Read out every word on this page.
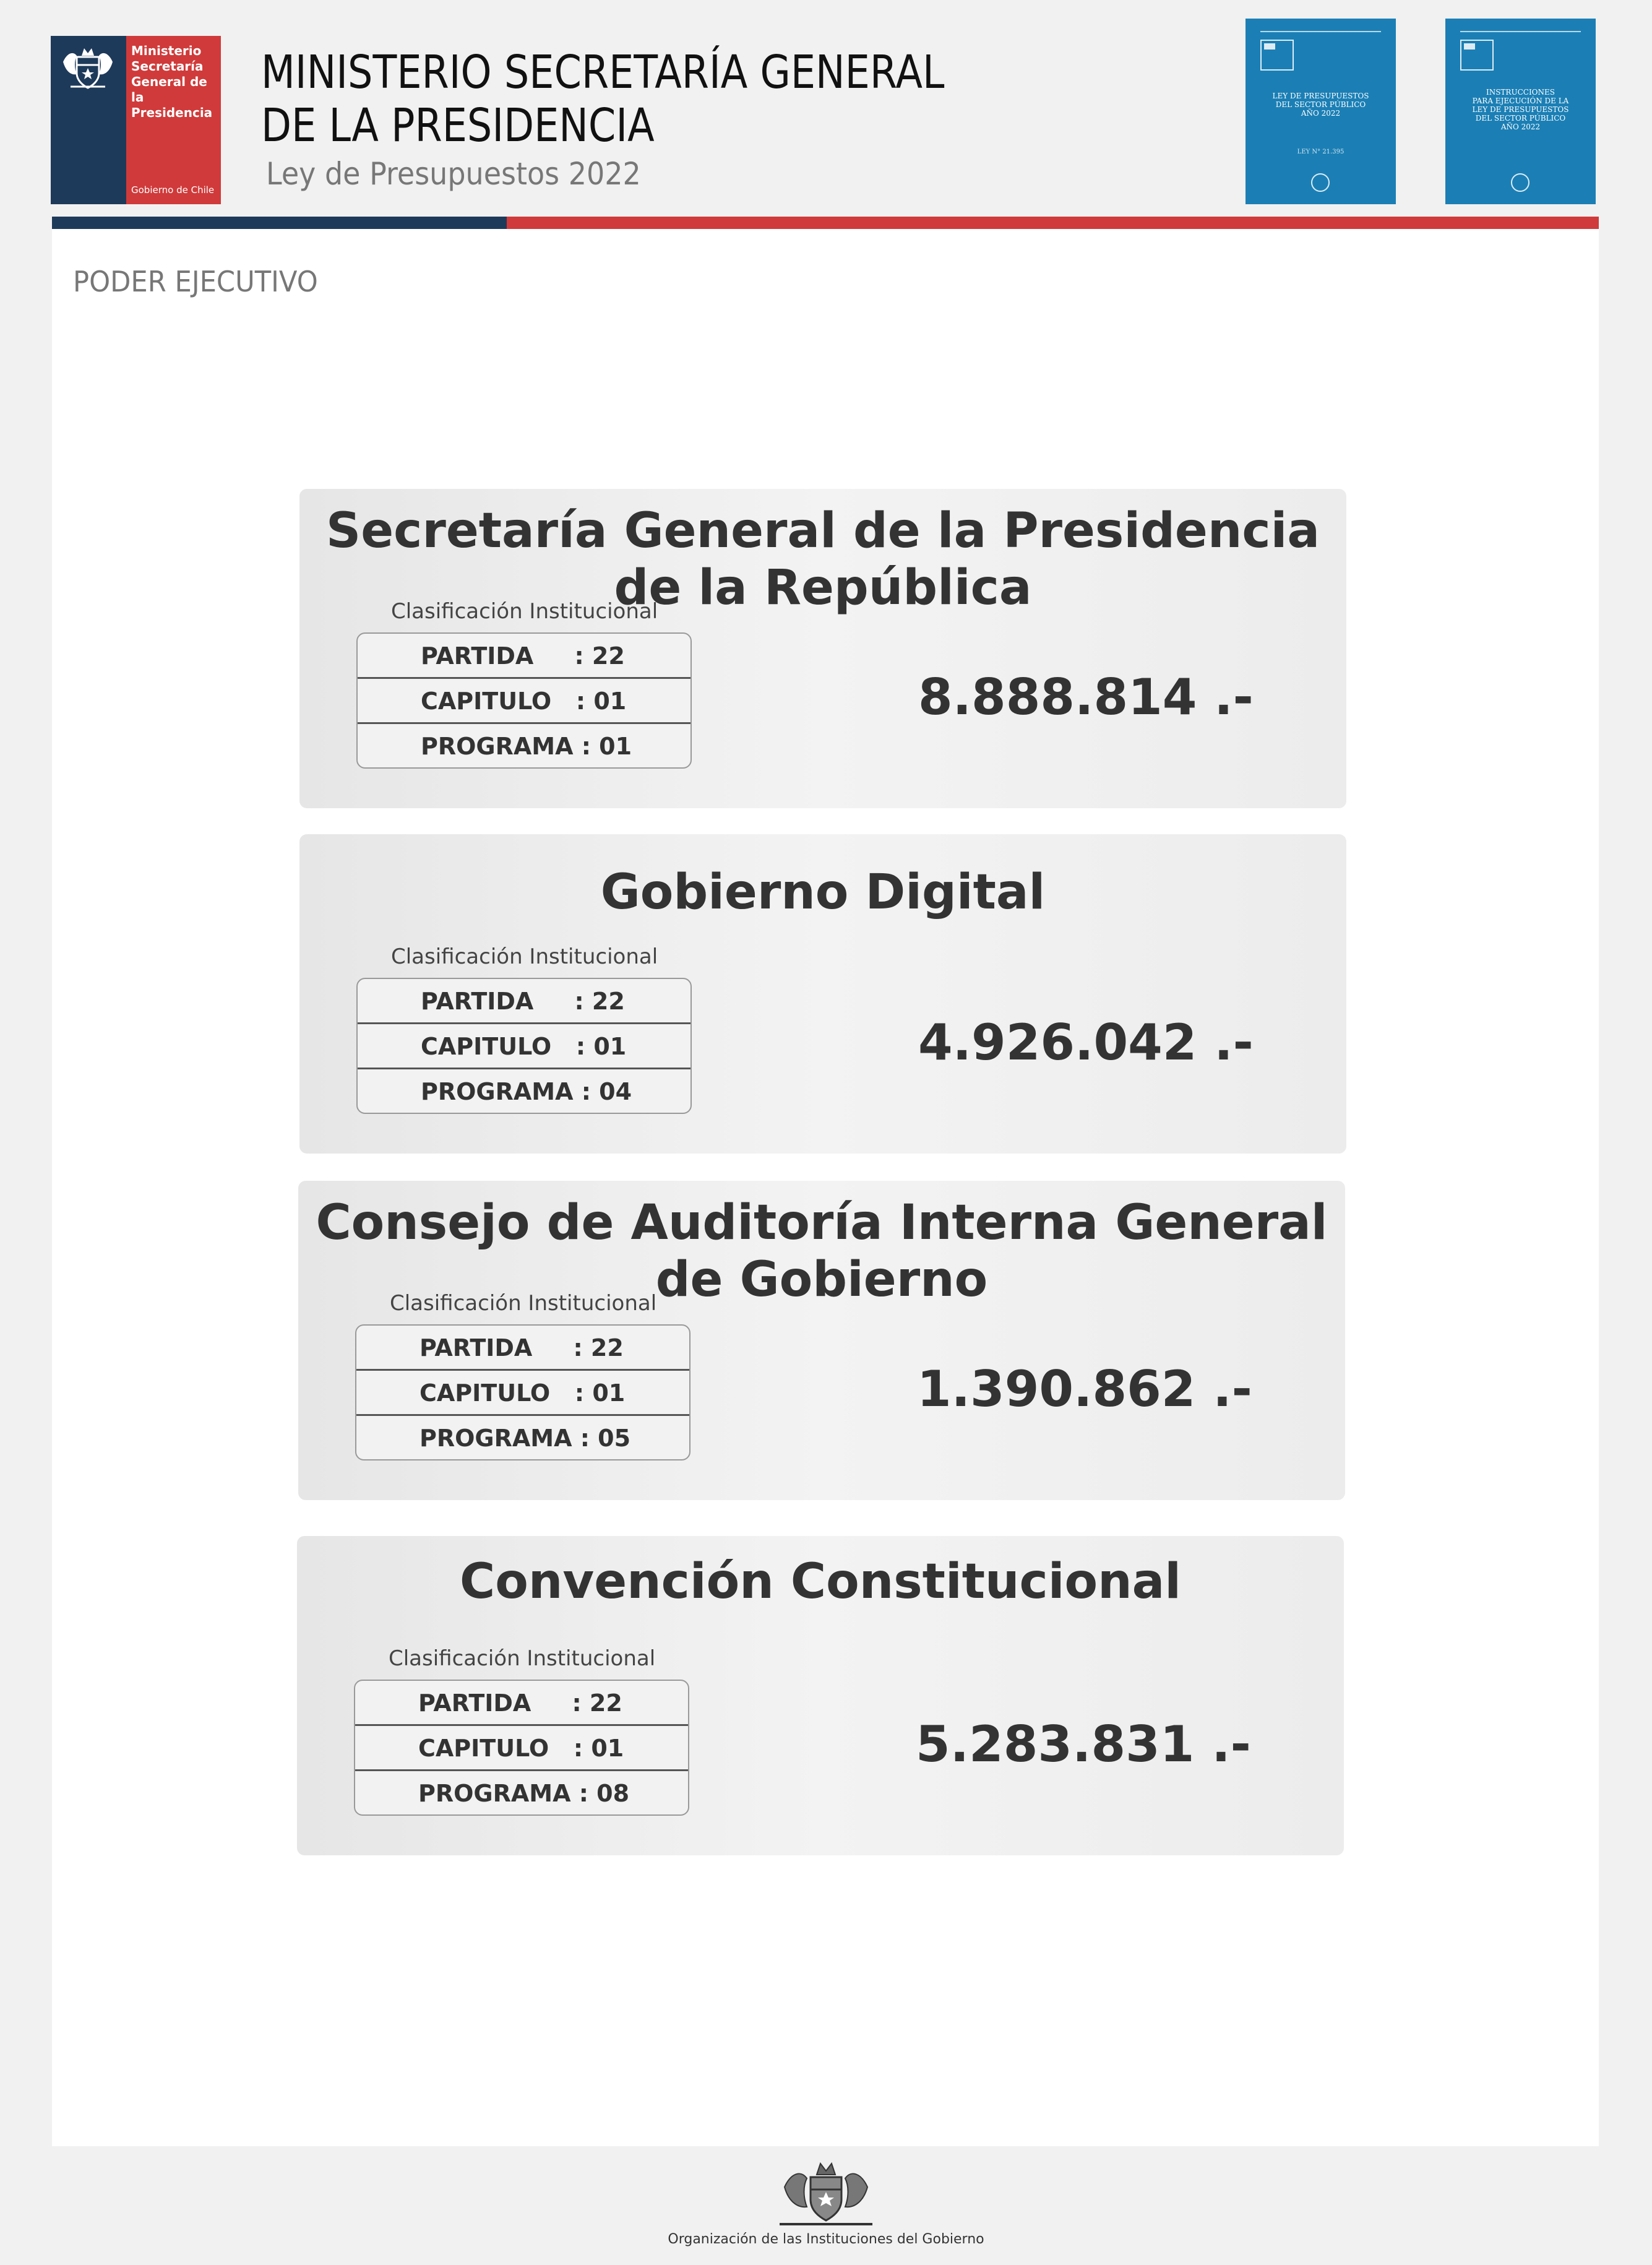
Ministerio
Secretaría
General de la
Presidencia
Gobierno de Chile
MINISTERIO SECRETARÍA GENERAL
DE LA PRESIDENCIA
Ley de Presupuestos 2022
LEY DE PRESUPUESTOS
DEL SECTOR PÚBLICO
AÑO 2022
LEY N° 21.395
INSTRUCCIONES
PARA EJECUCIÓN DE LA
LEY DE PRESUPUESTOS
DEL SECTOR PÚBLICO
AÑO 2022
PODER EJECUTIVO
Secretaría General de la Presidencia
de la República
Clasificación Institucional
PARTIDA     : 22
CAPITULO   : 01
PROGRAMA : 01
8.888.814 .-
Gobierno Digital
Clasificación Institucional
PARTIDA     : 22
CAPITULO   : 01
PROGRAMA : 04
4.926.042 .-
Consejo de Auditoría Interna General
de Gobierno
Clasificación Institucional
PARTIDA     : 22
CAPITULO   : 01
PROGRAMA : 05
1.390.862 .-
Convención Constitucional
Clasificación Institucional
PARTIDA     : 22
CAPITULO   : 01
PROGRAMA : 08
5.283.831 .-
Organización de las Instituciones del Gobierno
